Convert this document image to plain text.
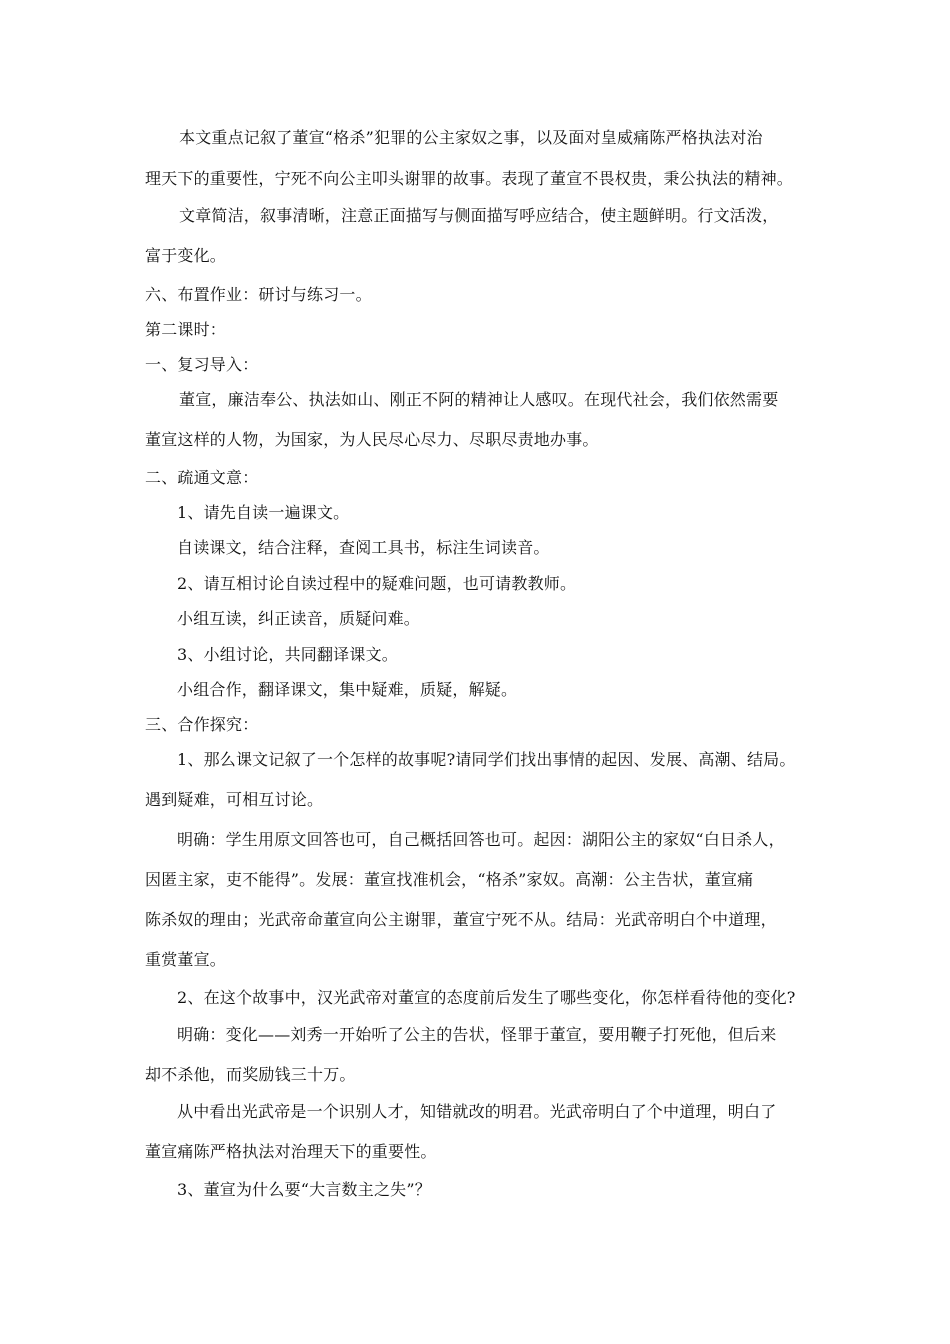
本文重点记叙了董宣“格杀”犯罪的公主家奴之事，以及面对皇威痛陈严格执法对治
理天下的重要性，宁死不向公主叩头谢罪的故事。表现了董宣不畏权贵，秉公执法的精神。
文章简洁，叙事清晰，注意正面描写与侧面描写呼应结合，使主题鲜明。行文活泼，
富于变化。
六、布置作业：研讨与练习一。
第二课时：
一、复习导入：
董宣，廉洁奉公、执法如山、刚正不阿的精神让人感叹。在现代社会，我们依然需要
董宣这样的人物，为国家，为人民尽心尽力、尽职尽责地办事。
二、疏通文意：
1、请先自读一遍课文。
自读课文，结合注释，查阅工具书，标注生词读音。
2、请互相讨论自读过程中的疑难问题，也可请教教师。
小组互读，纠正读音，质疑问难。
3、小组讨论，共同翻译课文。
小组合作，翻译课文，集中疑难，质疑，解疑。
三、合作探究：
1、那么课文记叙了一个怎样的故事呢?请同学们找出事情的起因、发展、高潮、结局。
遇到疑难，可相互讨论。
明确：学生用原文回答也可，自己概括回答也可。起因：湖阳公主的家奴“白日杀人，
因匿主家，吏不能得”。发展：董宣找准机会，“格杀”家奴。高潮：公主告状，董宣痛
陈杀奴的理由；光武帝命董宣向公主谢罪，董宣宁死不从。结局：光武帝明白个中道理，
重赏董宣。
2、在这个故事中，汉光武帝对董宣的态度前后发生了哪些变化，你怎样看待他的变化?
明确：变化——刘秀一开始听了公主的告状，怪罪于董宣，要用鞭子打死他，但后来
却不杀他，而奖励钱三十万。
从中看出光武帝是一个识别人才，知错就改的明君。光武帝明白了个中道理，明白了
董宣痛陈严格执法对治理天下的重要性。
3、董宣为什么要“大言数主之失”？
